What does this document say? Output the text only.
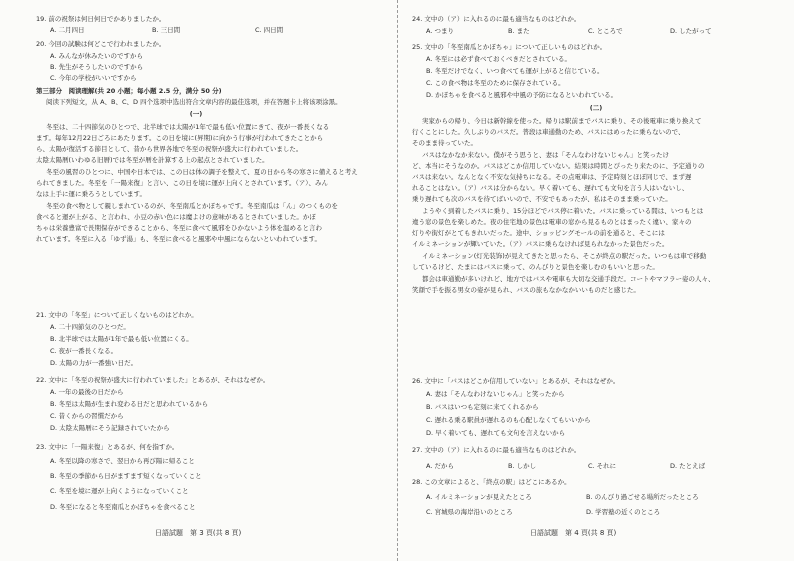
19. 前の祝祭は何日何日でかありましたか。
A. 二月四日	B. 三日間	C. 四日間
20. 今回の試験は何どこで行われましたか。
A. みんなが休みたいのですから
B. 先生がそうしたいのですから
C. 今年の学校がいいですから
第三部分　阅读理解(共 20 小题；每小题 2.5 分，满分 50 分)
阅读下列短文，从 A、B、C、D 四个选项中选出符合文章内容的最佳选项，并在答题卡上将该项涂黑。
(一)
冬至は、二十四節気のひとつで、北半球では太陽が1年で最も低い位置にきて、夜が一番長くなる
ます。毎年12月22日ごろにあたります。この日を境に(昇期)に向かう行事が行われてきたことから
ら、太陽が復活する節目として、昔から世界各地で冬至の祝祭が盛大に行われていました。
太陰太陽暦(いわゆる旧暦)では冬至が暦を計算する上の起点とされていました。
冬至の風習のひとつに、中国や日本では、この日は体の調子を整えて、夏の日から冬の寒さに備えると考え
られてきました。冬至を「一陽来復」と言い、この日を境に運が上向くとされています。（ア）、みん
なは上手に運に乗ろうとしています。
冬至の食べ物として親しまれているのが、冬至南瓜とかぼちゃです。冬至南瓜は「ん」のつくものを
食べると運が上がる、と言われ、小豆の赤い色には魔よけの意味があるとされていました。かぼ
ちゃは栄養豊富で長期保存ができることから、冬至に食べて風邪をひかないよう体を温めると言わ
れています。冬至に入る「ゆず湯」も、冬至に食べると風邪や中風にならないといわれています。
21. 文中の「冬至」について正しくないものはどれか。
A. 二十四節気のひとつだ。
B. 北半球では太陽が1年で最も低い位置にくる。
C. 夜が一番長くなる。
D. 太陽の力が一番強い日だ。
22. 文中に「冬至の祝祭が盛大に行われていました」とあるが、それはなぜか。
A. 一年の最後の日だから
B. 冬至は太陽が生まれ変わる日だと思われているから
C. 昔くからの習慣だから
D. 太陰太陽暦にそう記録されていたから
23. 文中に「一陽来復」とあるが、何を指すか。
A. 冬至以降の寒さで、翌日から再び陽に帰ること
B. 冬至の季節から日がますます短くなっていくこと
C. 冬至を境に運が上向くようになっていくこと
D. 冬至になると冬至南瓜とかぼちゃを食べること
日語試題　第 3 頁(共 8 頁)
24. 文中の（ア）に入れるのに最も適当なものはどれか。
A. つまり	B. また	C. ところで	D. したがって
25. 文中の「冬至南瓜とかぼちゃ」について正しいものはどれか。
A. 冬至には必ず食べておくべきだとされている。
B. 冬至だけでなく、いつ食べても運が上がると信じている。
C. この食べ物は冬至のために保存されている。
D. かぼちゃを食べると風邪や中風の予防になるといわれている。
(二)
実家からの帰り、今日は新幹線を使った。帰りは駅前までバスに乗り、その後電車に乗り換えて
行くことにした。久しぶりのバスだ。普段は車通勤のため、バスにはめったに乗らないので、
そのまま待っていた。
バスはなかなか来ない。僕がそう思うと、妻は「そんなわけないじゃん」と笑ったけ
ど、本当にそうなのか。バスはどこか信用していない。結果は時間とぴったり来たのに、予定通りの
バスは来ない。なんとなく不安な気持ちになる。その点電車は、予定時刻とほぼ同じで、まず遅
れることはない。（ア）バスは分からない。早く着いても、遅れても文句を言う人はいないし、
乗り遅れても次のバスを待てばいいので、不安でもあったが、私はそのまま乗っていた。
ようやく到着したバスに乗り、15分ほどでバス停に着いた。バスに乗っている間は、いつもとは
違う窓の景色を楽しめた。夜の住宅地の景色は電車の窓から見るものとはまったく違い、家々の
灯りや街灯がとてもきれいだった。途中、ショッピングモールの前を通ると、そこには
イルミネーションが輝いていた。（ア）バスに乗らなければ見られなかった景色だった。
イルミネーション(灯光装饰)が見えてきたと思ったら、そこが終点の駅だった。いつもは車で移動
しているけど、たまにはバスに乗って、のんびりと景色を楽しむのもいいと思った。
都会は車通勤が多いけれど、地方ではバスや電車も大切な交通手段だ。コートやマフラー姿の人々、
笑顔で手を振る男女の姿が見られ、バスの旅もなかなかいいものだと感じた。
26. 文中に「バスはどこか信用していない」とあるが、それはなぜか。
A. 妻は「そんなわけないじゃん」と笑ったから
B. バスはいつも定刻に来てくれるから
C. 遅れる乗る駅員が遅れるのも心配しなくてもいいから
D. 早く着いても、遅れても文句を言えないから
27. 文中の（ア）に入れるのに最も適当なものはどれか。
A. だから	B. しかし	C. それに	D. たとえば
28. この文章によると、「終点の駅」はどこにあるか。
A. イルミネーションが見えたところ	B. のんびり過ごせる場所だったところ
C. 宮城県の海岸沿いのところ	D. 学習塾の近くのところ
日語試題　第 4 頁(共 8 頁)
